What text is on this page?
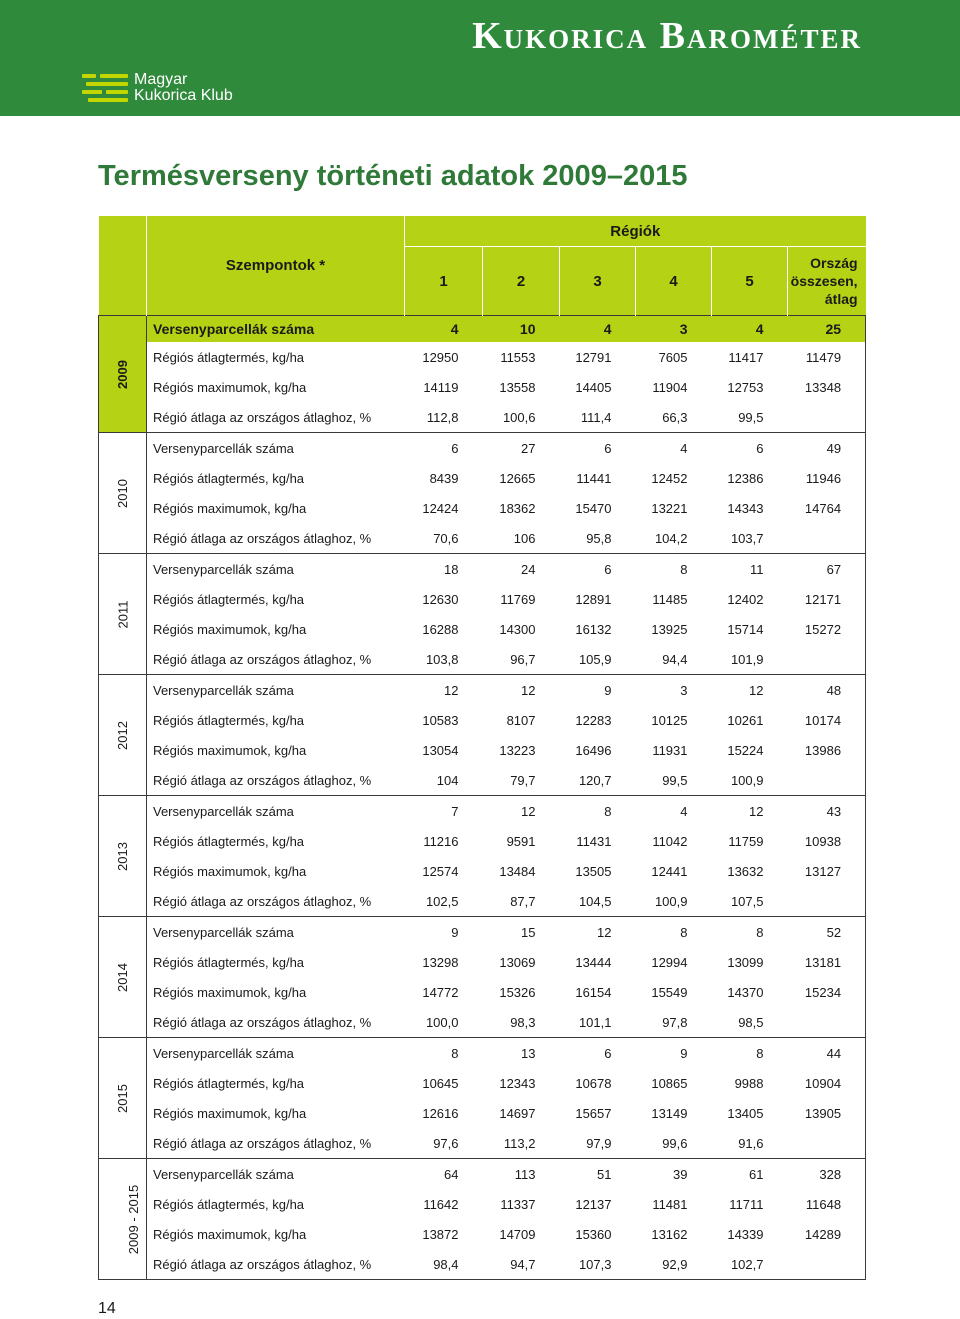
Kukorica Barométer
Magyar
Kukorica Klub
Termésverseny történeti adatok 2009–2015
	Szempontok *	Régiók					
		1	2	3	4	5	Ország
összesen,
átlag

2009	Versenyparcellák száma	4	10	4	3	4	25
	Régiós átlagtermés, kg/ha	12950	11553	12791	7605	11417	11479
	Régiós maximumok, kg/ha	14119	13558	14405	11904	12753	13348
	Régió átlaga az országos átlaghoz, %	112,8	100,6	111,4	66,3	99,5	
2010	Versenyparcellák száma	6	27	6	4	6	49
	Régiós átlagtermés, kg/ha	8439	12665	11441	12452	12386	11946
	Régiós maximumok, kg/ha	12424	18362	15470	13221	14343	14764
	Régió átlaga az országos átlaghoz, %	70,6	106	95,8	104,2	103,7	
2011	Versenyparcellák száma	18	24	6	8	11	67
	Régiós átlagtermés, kg/ha	12630	11769	12891	11485	12402	12171
	Régiós maximumok, kg/ha	16288	14300	16132	13925	15714	15272
	Régió átlaga az országos átlaghoz, %	103,8	96,7	105,9	94,4	101,9	
2012	Versenyparcellák száma	12	12	9	3	12	48
	Régiós átlagtermés, kg/ha	10583	8107	12283	10125	10261	10174
	Régiós maximumok, kg/ha	13054	13223	16496	11931	15224	13986
	Régió átlaga az országos átlaghoz, %	104	79,7	120,7	99,5	100,9	
2013	Versenyparcellák száma	7	12	8	4	12	43
	Régiós átlagtermés, kg/ha	11216	9591	11431	11042	11759	10938
	Régiós maximumok, kg/ha	12574	13484	13505	12441	13632	13127
	Régió átlaga az országos átlaghoz, %	102,5	87,7	104,5	100,9	107,5	
2014	Versenyparcellák száma	9	15	12	8	8	52
	Régiós átlagtermés, kg/ha	13298	13069	13444	12994	13099	13181
	Régiós maximumok, kg/ha	14772	15326	16154	15549	14370	15234
	Régió átlaga az országos átlaghoz, %	100,0	98,3	101,1	97,8	98,5	
2015	Versenyparcellák száma	8	13	6	9	8	44
	Régiós átlagtermés, kg/ha	10645	12343	10678	10865	9988	10904
	Régiós maximumok, kg/ha	12616	14697	15657	13149	13405	13905
	Régió átlaga az országos átlaghoz, %	97,6	113,2	97,9	99,6	91,6	
2009 - 2015	Versenyparcellák száma	64	113	51	39	61	328
	Régiós átlagtermés, kg/ha	11642	11337	12137	11481	11711	11648
	Régiós maximumok, kg/ha	13872	14709	15360	13162	14339	14289
	Régió átlaga az országos átlaghoz, %	98,4	94,7	107,3	92,9	102,7	
14
